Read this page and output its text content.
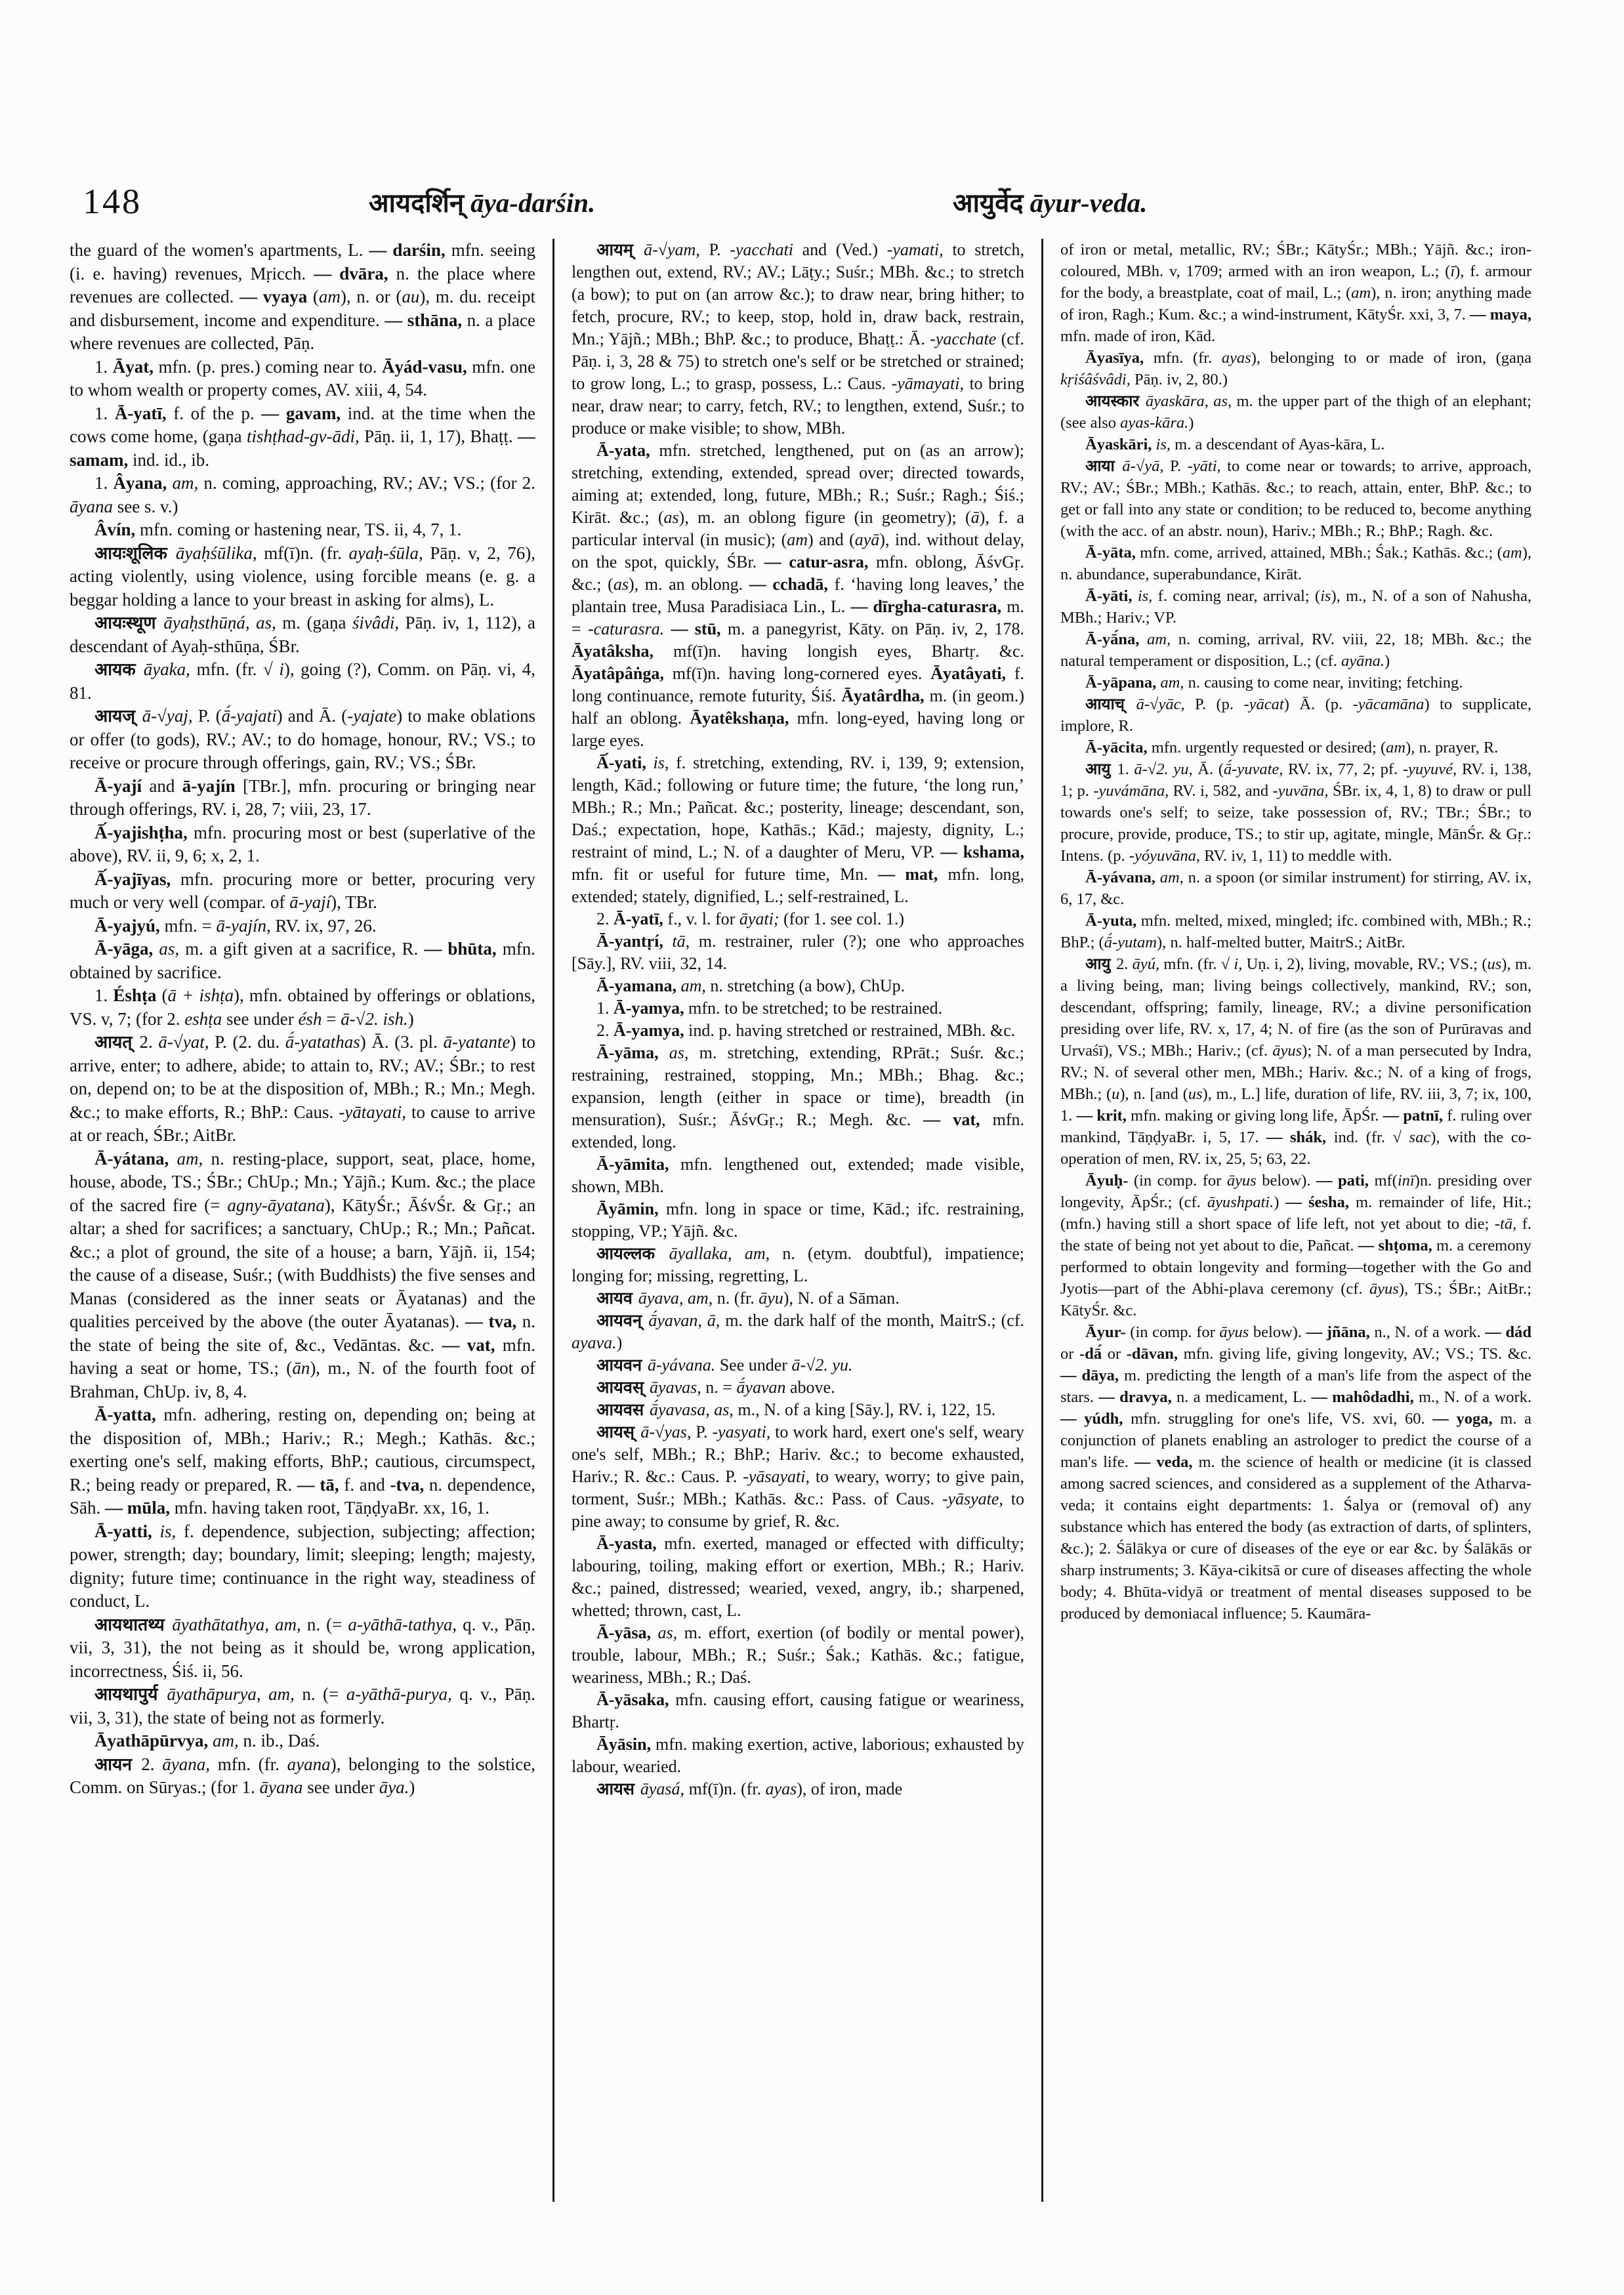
148	आयदर्शिन् āya-darśin.	आयुर्वेद āyur-veda.

the guard of the women's apartments, L. — darśin, mfn. seeing (i. e. having) revenues, Mṛicch. — dvāra, n. the place where revenues are collected. — vyaya (am), n. or (au), m. du. receipt and disbursement, income and expenditure. — sthāna, n. a place where revenues are collected, Pāṇ.

1. Āyat, mfn. (p. pres.) coming near to. Āyád-vasu, mfn. one to whom wealth or property comes, AV. xiii, 4, 54.

1. Ā-yatī, f. of the p. — gavam, ind. at the time when the cows come home, (gaṇa tishṭhad-gv-ādi, Pāṇ. ii, 1, 17), Bhaṭṭ. — samam, ind. id., ib.

1. Âyana, am, n. coming, approaching, RV.; AV.; VS.; (for 2. āyana see s. v.)

Âvín, mfn. coming or hastening near, TS. ii, 4, 7, 1.

आयःशूलिक āyaḥśūlika, mf(ī)n. (fr. ayaḥ-śūla, Pāṇ. v, 2, 76), acting violently, using violence, using forcible means (e. g. a beggar holding a lance to your breast in asking for alms), L.

आयःस्थूण āyaḥsthūṇá, as, m. (gaṇa śivâdi, Pāṇ. iv, 1, 112), a descendant of Ayaḥ-sthūṇa, ŚBr.

आयक āyaka, mfn. (fr. √ i), going (?), Comm. on Pāṇ. vi, 4, 81.

आयज् ā-√yaj, P. (ā́-yajati) and Ā. (-yajate) to make oblations or offer (to gods), RV.; AV.; to do homage, honour, RV.; VS.; to receive or procure through offerings, gain, RV.; VS.; ŚBr.

Ā-yají and ā-yajín [TBr.], mfn. procuring or bringing near through offerings, RV. i, 28, 7; viii, 23, 17.

Ā́-yajishṭha, mfn. procuring most or best (superlative of the above), RV. ii, 9, 6; x, 2, 1.

Ā́-yajīyas, mfn. procuring more or better, procuring very much or very well (compar. of ā-yají), TBr.

Ā-yajyú, mfn. = ā-yajín, RV. ix, 97, 26.

Ā-yāga, as, m. a gift given at a sacrifice, R. — bhūta, mfn. obtained by sacrifice.

1. Éshṭa (ā + ishṭa), mfn. obtained by offerings or oblations, VS. v, 7; (for 2. eshṭa see under ésh = ā-√2. ish.)

आयत् 2. ā-√yat, P. (2. du. ā́-yatathas) Ā. (3. pl. ā-yatante) to arrive, enter; to adhere, abide; to attain to, RV.; AV.; ŚBr.; to rest on, depend on; to be at the disposition of, MBh.; R.; Mn.; Megh. &c.; to make efforts, R.; BhP.: Caus. -yātayati, to cause to arrive at or reach, ŚBr.; AitBr.

Ā-yátana, am, n. resting-place, support, seat, place, home, house, abode, TS.; ŚBr.; ChUp.; Mn.; Yājñ.; Kum. &c.; the place of the sacred fire (= agny-āyatana), KātyŚr.; ĀśvŚr. & Gṛ.; an altar; a shed for sacrifices; a sanctuary, ChUp.; R.; Mn.; Pañcat. &c.; a plot of ground, the site of a house; a barn, Yājñ. ii, 154; the cause of a disease, Suśr.; (with Buddhists) the five senses and Manas (considered as the inner seats or Āyatanas) and the qualities perceived by the above (the outer Āyatanas). — tva, n. the state of being the site of, &c., Vedāntas. &c. — vat, mfn. having a seat or home, TS.; (ān), m., N. of the fourth foot of Brahman, ChUp. iv, 8, 4.

Ā-yatta, mfn. adhering, resting on, depending on; being at the disposition of, MBh.; Hariv.; R.; Megh.; Kathās. &c.; exerting one's self, making efforts, BhP.; cautious, circumspect, R.; being ready or prepared, R. — tā, f. and -tva, n. dependence, Sāh. — mūla, mfn. having taken root, TāṇḍyaBr. xx, 16, 1.

Ā-yatti, is, f. dependence, subjection, subjecting; affection; power, strength; day; boundary, limit; sleeping; length; majesty, dignity; future time; continuance in the right way, steadiness of conduct, L.

आयथातथ्य āyathātathya, am, n. (= a-yāthā-tathya, q. v., Pāṇ. vii, 3, 31), the not being as it should be, wrong application, incorrectness, Śiś. ii, 56.

आयथापुर्य āyathāpurya, am, n. (= a-yāthā-purya, q. v., Pāṇ. vii, 3, 31), the state of being not as formerly.

Āyathāpūrvya, am, n. ib., Daś.

आयन 2. āyana, mfn. (fr. ayana), belonging to the solstice, Comm. on Sūryas.; (for 1. āyana see under āya.)

आयम् ā-√yam, P. -yacchati and (Ved.) -yamati, to stretch, lengthen out, extend, RV.; AV.; Lāṭy.; Suśr.; MBh. &c.; to stretch (a bow); to put on (an arrow &c.); to draw near, bring hither; to fetch, procure, RV.; to keep, stop, hold in, draw back, restrain, Mn.; Yājñ.; MBh.; BhP. &c.; to produce, Bhaṭṭ.: Ā. -yacchate (cf. Pāṇ. i, 3, 28 & 75) to stretch one's self or be stretched or strained; to grow long, L.; to grasp, possess, L.: Caus. -yāmayati, to bring near, draw near; to carry, fetch, RV.; to lengthen, extend, Suśr.; to produce or make visible; to show, MBh.

Ā-yata, mfn. stretched, lengthened, put on (as an arrow); stretching, extending, extended, spread over; directed towards, aiming at; extended, long, future, MBh.; R.; Suśr.; Ragh.; Śiś.; Kirāt. &c.; (as), m. an oblong figure (in geometry); (ā), f. a particular interval (in music); (am) and (ayā), ind. without delay, on the spot, quickly, ŚBr. — catur-asra, mfn. oblong, ĀśvGṛ. &c.; (as), m. an oblong. — cchadā, f. ‘having long leaves,’ the plantain tree, Musa Paradisiaca Lin., L. — dīrgha-caturasra, m. = -caturasra. — stū, m. a panegyrist, Kāty. on Pāṇ. iv, 2, 178. Āyatâksha, mf(ī)n. having longish eyes, Bhartṛ. &c. Āyatâpâṅga, mf(ī)n. having long-cornered eyes. Āyatâyati, f. long continuance, remote futurity, Śiś. Āyatârdha, m. (in geom.) half an oblong. Āyatêkshaṇa, mfn. long-eyed, having long or large eyes.

Ā́-yati, is, f. stretching, extending, RV. i, 139, 9; extension, length, Kād.; following or future time; the future, ‘the long run,’ MBh.; R.; Mn.; Pañcat. &c.; posterity, lineage; descendant, son, Daś.; expectation, hope, Kathās.; Kād.; majesty, dignity, L.; restraint of mind, L.; N. of a daughter of Meru, VP. — kshama, mfn. fit or useful for future time, Mn. — mat, mfn. long, extended; stately, dignified, L.; self-restrained, L.

2. Ā-yatī, f., v. l. for āyati; (for 1. see col. 1.)

Ā-yantṛí, tā, m. restrainer, ruler (?); one who approaches [Sāy.], RV. viii, 32, 14.

Ā-yamana, am, n. stretching (a bow), ChUp.

1. Ā-yamya, mfn. to be stretched; to be restrained.

2. Ā-yamya, ind. p. having stretched or restrained, MBh. &c.

Ā-yāma, as, m. stretching, extending, RPrāt.; Suśr. &c.; restraining, restrained, stopping, Mn.; MBh.; Bhag. &c.; expansion, length (either in space or time), breadth (in mensuration), Suśr.; ĀśvGṛ.; R.; Megh. &c. — vat, mfn. extended, long.

Ā-yāmita, mfn. lengthened out, extended; made visible, shown, MBh.

Āyāmin, mfn. long in space or time, Kād.; ifc. restraining, stopping, VP.; Yājñ. &c.

आयल्लक āyallaka, am, n. (etym. doubtful), impatience; longing for; missing, regretting, L.

आयव āyava, am, n. (fr. āyu), N. of a Sāman.

आयवन् ā́yavan, ā, m. the dark half of the month, MaitrS.; (cf. ayava.)

आयवन ā-yávana. See under ā-√2. yu.

आयवस् āyavas, n. = ā́yavan above.

आयवस ā́yavasa, as, m., N. of a king [Sāy.], RV. i, 122, 15.

आयस् ā-√yas, P. -yasyati, to work hard, exert one's self, weary one's self, MBh.; R.; BhP.; Hariv. &c.; to become exhausted, Hariv.; R. &c.: Caus. P. -yāsayati, to weary, worry; to give pain, torment, Suśr.; MBh.; Kathās. &c.: Pass. of Caus. -yāsyate, to pine away; to consume by grief, R. &c.

Ā-yasta, mfn. exerted, managed or effected with difficulty; labouring, toiling, making effort or exertion, MBh.; R.; Hariv. &c.; pained, distressed; wearied, vexed, angry, ib.; sharpened, whetted; thrown, cast, L.

Ā-yāsa, as, m. effort, exertion (of bodily or mental power), trouble, labour, MBh.; R.; Suśr.; Śak.; Kathās. &c.; fatigue, weariness, MBh.; R.; Daś.

Ā-yāsaka, mfn. causing effort, causing fatigue or weariness, Bhartṛ.

Āyāsin, mfn. making exertion, active, laborious; exhausted by labour, wearied.

आयस āyasá, mf(ī)n. (fr. ayas), of iron, made

of iron or metal, metallic, RV.; ŚBr.; KātyŚr.; MBh.; Yājñ. &c.; iron-coloured, MBh. v, 1709; armed with an iron weapon, L.; (ī), f. armour for the body, a breastplate, coat of mail, L.; (am), n. iron; anything made of iron, Ragh.; Kum. &c.; a wind-instrument, KātyŚr. xxi, 3, 7. — maya, mfn. made of iron, Kād.

Āyasīya, mfn. (fr. ayas), belonging to or made of iron, (gaṇa kṛiśâśvâdi, Pāṇ. iv, 2, 80.)

आयस्कार āyaskāra, as, m. the upper part of the thigh of an elephant; (see also ayas-kāra.)

Āyaskāri, is, m. a descendant of Ayas-kāra, L.

आया ā-√yā, P. -yāti, to come near or towards; to arrive, approach, RV.; AV.; ŚBr.; MBh.; Kathās. &c.; to reach, attain, enter, BhP. &c.; to get or fall into any state or condition; to be reduced to, become anything (with the acc. of an abstr. noun), Hariv.; MBh.; R.; BhP.; Ragh. &c.

Ā-yāta, mfn. come, arrived, attained, MBh.; Śak.; Kathās. &c.; (am), n. abundance, superabundance, Kirāt.

Ā-yāti, is, f. coming near, arrival; (is), m., N. of a son of Nahusha, MBh.; Hariv.; VP.

Ā-yā́na, am, n. coming, arrival, RV. viii, 22, 18; MBh. &c.; the natural temperament or disposition, L.; (cf. ayāna.)

Ā-yāpana, am, n. causing to come near, inviting; fetching.

आयाच् ā-√yāc, P. (p. -yācat) Ā. (p. -yācamāna) to supplicate, implore, R.

Ā-yācita, mfn. urgently requested or desired; (am), n. prayer, R.

आयु 1. ā-√2. yu, Ā. (ā́-yuvate, RV. ix, 77, 2; pf. -yuyuvé, RV. i, 138, 1; p. -yuvámāna, RV. i, 582, and -yuvāna, ŚBr. ix, 4, 1, 8) to draw or pull towards one's self; to seize, take possession of, RV.; TBr.; ŚBr.; to procure, provide, produce, TS.; to stir up, agitate, mingle, MānŚr. & Gṛ.: Intens. (p. -yóyuvāna, RV. iv, 1, 11) to meddle with.

Ā-yávana, am, n. a spoon (or similar instrument) for stirring, AV. ix, 6, 17, &c.

Ā-yuta, mfn. melted, mixed, mingled; ifc. combined with, MBh.; R.; BhP.; (ā́-yutam), n. half-melted butter, MaitrS.; AitBr.

आयु 2. āyú, mfn. (fr. √ i, Uṇ. i, 2), living, movable, RV.; VS.; (us), m. a living being, man; living beings collectively, mankind, RV.; son, descendant, offspring; family, lineage, RV.; a divine personification presiding over life, RV. x, 17, 4; N. of fire (as the son of Purūravas and Urvaśī), VS.; MBh.; Hariv.; (cf. āyus); N. of a man persecuted by Indra, RV.; N. of several other men, MBh.; Hariv. &c.; N. of a king of frogs, MBh.; (u), n. [and (us), m., L.] life, duration of life, RV. iii, 3, 7; ix, 100, 1. — krit, mfn. making or giving long life, ĀpŚr. — patnī, f. ruling over mankind, TāṇḍyaBr. i, 5, 17. — shák, ind. (fr. √ sac), with the co-operation of men, RV. ix, 25, 5; 63, 22.

Āyuḥ- (in comp. for āyus below). — pati, mf(inī)n. presiding over longevity, ĀpŚr.; (cf. āyushpati.) — śesha, m. remainder of life, Hit.; (mfn.) having still a short space of life left, not yet about to die; -tā, f. the state of being not yet about to die, Pañcat. — shṭoma, m. a ceremony performed to obtain longevity and forming—together with the Go and Jyotis—part of the Abhi-plava ceremony (cf. āyus), TS.; ŚBr.; AitBr.; KātyŚr. &c.

Āyur- (in comp. for āyus below). — jñāna, n., N. of a work. — dád or -dā́ or -dāvan, mfn. giving life, giving longevity, AV.; VS.; TS. &c. — dāya, m. predicting the length of a man's life from the aspect of the stars. — dravya, n. a medicament, L. — mahôdadhi, m., N. of a work. — yúdh, mfn. struggling for one's life, VS. xvi, 60. — yoga, m. a conjunction of planets enabling an astrologer to predict the course of a man's life. — veda, m. the science of health or medicine (it is classed among sacred sciences, and considered as a supplement of the Atharva-veda; it contains eight departments: 1. Śalya or (removal of) any substance which has entered the body (as extraction of darts, of splinters, &c.); 2. Śālākya or cure of diseases of the eye or ear &c. by Śalākās or sharp instruments; 3. Kāya-cikitsā or cure of diseases affecting the whole body; 4. Bhūta-vidyā or treatment of mental diseases supposed to be produced by demoniacal influence; 5. Kaumāra-
